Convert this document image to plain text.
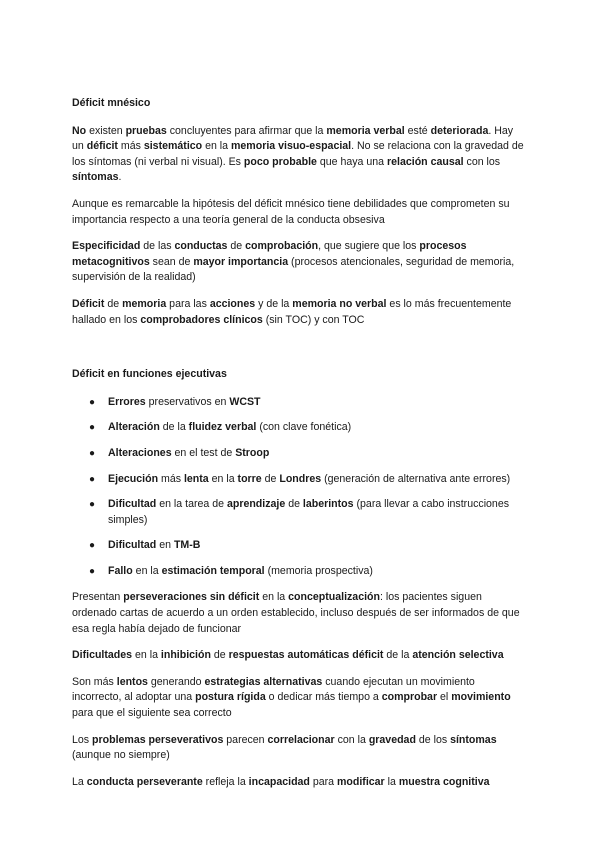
Déficit mnésico

No existen pruebas concluyentes para afirmar que la memoria verbal esté deteriorada. Hay un déficit más sistemático en la memoria visuo-espacial. No se relaciona con la gravedad de los síntomas (ni verbal ni visual). Es poco probable que haya una relación causal con los síntomas.

Aunque es remarcable la hipótesis del déficit mnésico tiene debilidades que comprometen su importancia respecto a una teoría general de la conducta obsesiva

Especificidad de las conductas de comprobación, que sugiere que los procesos metacognitivos sean de mayor importancia (procesos atencionales, seguridad de memoria, supervisión de la realidad)

Déficit de memoria para las acciones y de la memoria no verbal es lo más frecuentemente hallado en los comprobadores clínicos (sin TOC) y con TOC

Déficit en funciones ejecutivas
● Errores preservativos en WCST
● Alteración de la fluidez verbal (con clave fonética)
● Alteraciones en el test de Stroop
● Ejecución más lenta en la torre de Londres (generación de alternativa ante errores)
● Dificultad en la tarea de aprendizaje de laberintos (para llevar a cabo instrucciones simples)
● Dificultad en TM-B
● Fallo en la estimación temporal (memoria prospectiva)

Presentan perseveraciones sin déficit en la conceptualización: los pacientes siguen ordenado cartas de acuerdo a un orden establecido, incluso después de ser informados de que esa regla había dejado de funcionar

Dificultades en la inhibición de respuestas automáticas déficit de la atención selectiva

Son más lentos generando estrategias alternativas cuando ejecutan un movimiento incorrecto, al adoptar una postura rígida o dedicar más tiempo a comprobar el movimiento para que el siguiente sea correcto

Los problemas perseverativos parecen correlacionar con la gravedad de los síntomas (aunque no siempre)

La conducta perseverante refleja la incapacidad para modificar la muestra cognitiva
